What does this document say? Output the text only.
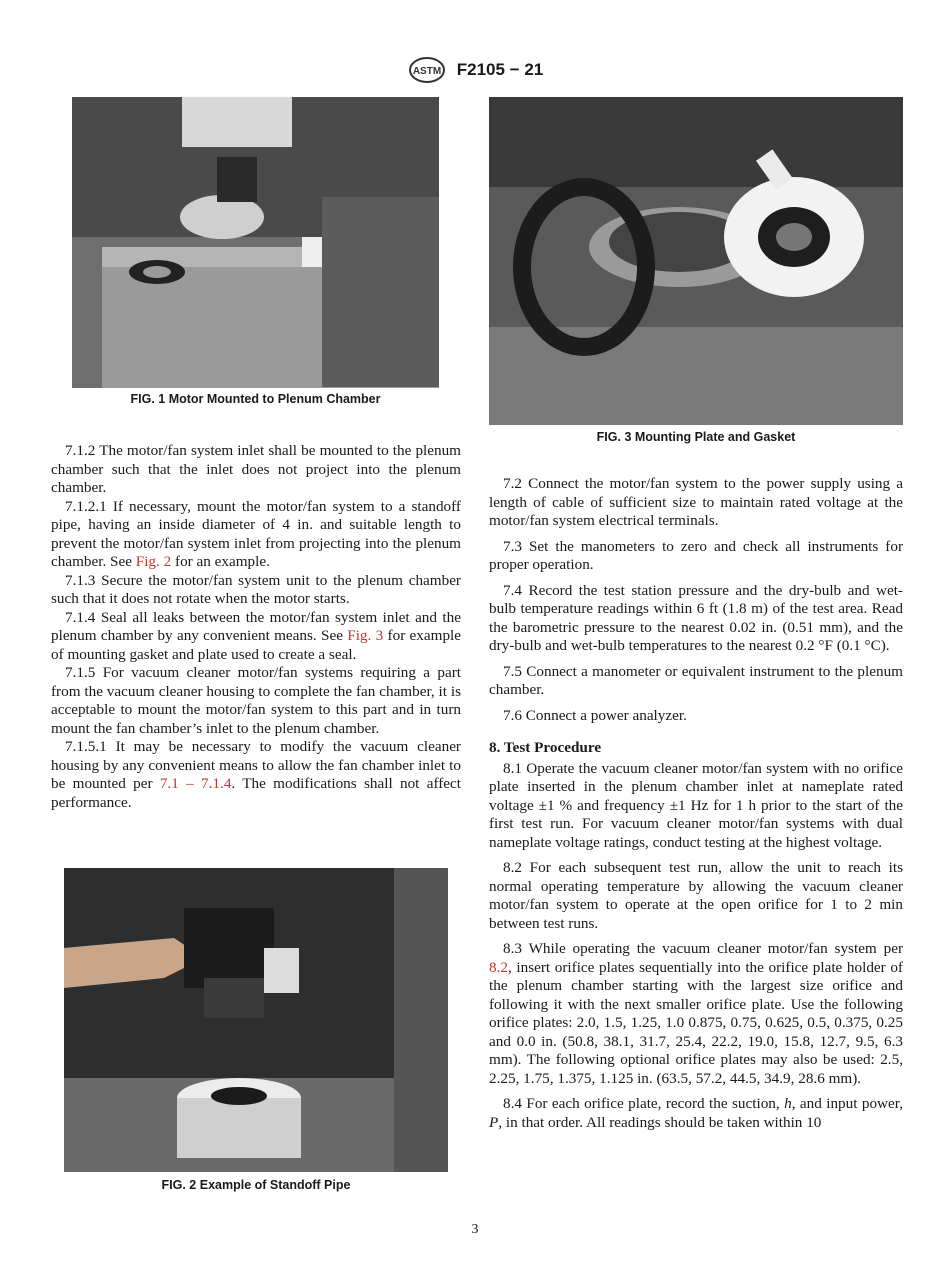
ASTM F2105 − 21
FIG. 1 Motor Mounted to Plenum Chamber
FIG. 3 Mounting Plate and Gasket
FIG. 2 Example of Standoff Pipe

7.1.2 The motor/fan system inlet shall be mounted to the plenum chamber such that the inlet does not project into the plenum chamber.

7.1.2.1 If necessary, mount the motor/fan system to a standoff pipe, having an inside diameter of 4 in. and suitable length to prevent the motor/fan system inlet from projecting into the plenum chamber. See Fig. 2 for an example.

7.1.3 Secure the motor/fan system unit to the plenum chamber such that it does not rotate when the motor starts.

7.1.4 Seal all leaks between the motor/fan system inlet and the plenum chamber by any convenient means. See Fig. 3 for example of mounting gasket and plate used to create a seal.

7.1.5 For vacuum cleaner motor/fan systems requiring a part from the vacuum cleaner housing to complete the fan chamber, it is acceptable to mount the motor/fan system to this part and in turn mount the fan chamber’s inlet to the plenum chamber.

7.1.5.1 It may be necessary to modify the vacuum cleaner housing by any convenient means to allow the fan chamber inlet to be mounted per 7.1 – 7.1.4. The modifications shall not affect performance.

7.2 Connect the motor/fan system to the power supply using a length of cable of sufficient size to maintain rated voltage at the motor/fan system electrical terminals.

7.3 Set the manometers to zero and check all instruments for proper operation.

7.4 Record the test station pressure and the dry-bulb and wet-bulb temperature readings within 6 ft (1.8 m) of the test area. Read the barometric pressure to the nearest 0.02 in. (0.51 mm), and the dry-bulb and wet-bulb temperatures to the nearest 0.2 °F (0.1 °C).

7.5 Connect a manometer or equivalent instrument to the plenum chamber.

7.6 Connect a power analyzer.

8. Test Procedure

8.1 Operate the vacuum cleaner motor/fan system with no orifice plate inserted in the plenum chamber inlet at nameplate rated voltage ±1 % and frequency ±1 Hz for 1 h prior to the start of the first test run. For vacuum cleaner motor/fan systems with dual nameplate voltage ratings, conduct testing at the highest voltage.

8.2 For each subsequent test run, allow the unit to reach its normal operating temperature by allowing the vacuum cleaner motor/fan system to operate at the open orifice for 1 to 2 min between test runs.

8.3 While operating the vacuum cleaner motor/fan system per 8.2, insert orifice plates sequentially into the orifice plate holder of the plenum chamber starting with the largest size orifice and following it with the next smaller orifice plate. Use the following orifice plates: 2.0, 1.5, 1.25, 1.0 0.875, 0.75, 0.625, 0.5, 0.375, 0.25 and 0.0 in. (50.8, 38.1, 31.7, 25.4, 22.2, 19.0, 15.8, 12.7, 9.5, 6.3 mm). The following optional orifice plates may also be used: 2.5, 2.25, 1.75, 1.375, 1.125 in. (63.5, 57.2, 44.5, 34.9, 28.6 mm).

8.4 For each orifice plate, record the suction, h, and input power, P, in that order. All readings should be taken within 10

3
